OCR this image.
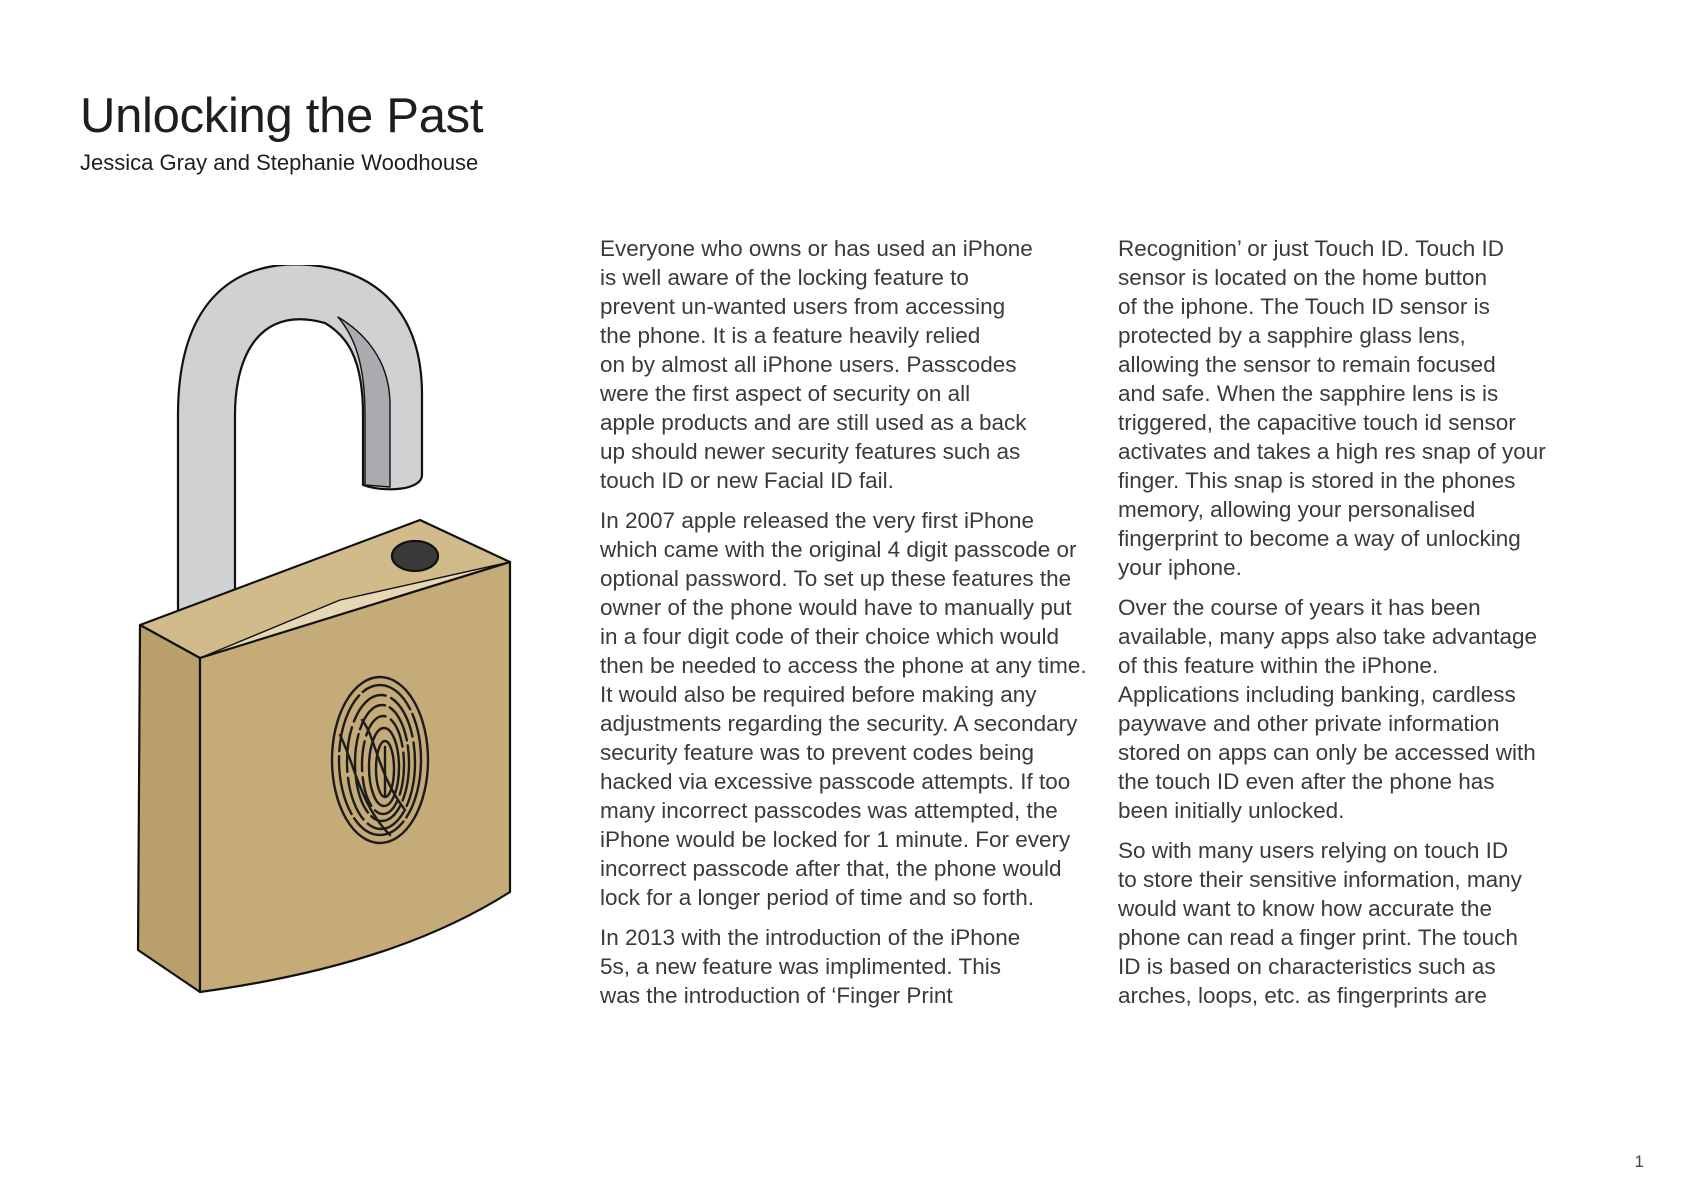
Unlocking the Past
Jessica Gray and Stephanie Woodhouse

Everyone who owns or has used an iPhone
is well aware of the locking feature to
prevent un-wanted users from accessing
the phone. It is a feature heavily relied
on by almost all iPhone users. Passcodes
were the first aspect of security on all
apple products and are still used as a back
up should newer security features such as
touch ID or new Facial ID fail.

In 2007 apple released the very first iPhone
which came with the original 4 digit passcode or
optional password. To set up these features the
owner of the phone would have to manually put
in a four digit code of their choice which would
then be needed to access the phone at any time.
It would also be required before making any
adjustments regarding the security. A secondary
security feature was to prevent codes being
hacked via excessive passcode attempts. If too
many incorrect passcodes was attempted, the
iPhone would be locked for 1 minute. For every
incorrect passcode after that, the phone would
lock for a longer period of time and so forth.

In 2013 with the introduction of the iPhone
5s, a new feature was implimented. This
was the introduction of ‘Finger Print

Recognition’ or just Touch ID. Touch ID
sensor is located on the home button
of the iphone. The Touch ID sensor is
protected by a sapphire glass lens,
allowing the sensor to remain focused
and safe. When the sapphire lens is is
triggered, the capacitive touch id sensor
activates and takes a high res snap of your
finger. This snap is stored in the phones
memory, allowing your personalised
fingerprint to become a way of unlocking
your iphone.

Over the course of years it has been
available, many apps also take advantage
of this feature within the iPhone.
Applications including banking, cardless
paywave and other private information
stored on apps can only be accessed with
the touch ID even after the phone has
been initially unlocked.

So with many users relying on touch ID
to store their sensitive information, many
would want to know how accurate the
phone can read a finger print. The touch
ID is based on characteristics such as
arches, loops, etc. as fingerprints are

1
